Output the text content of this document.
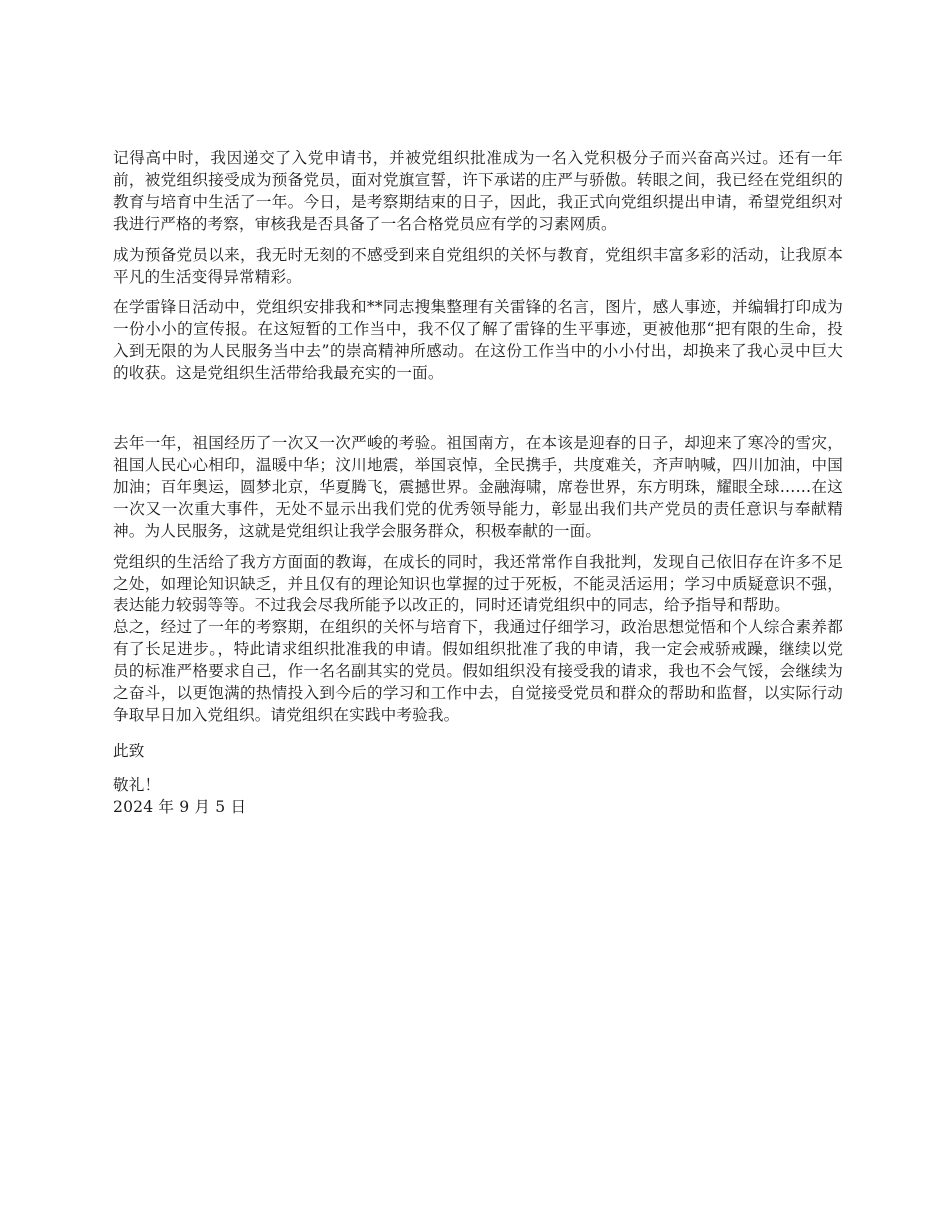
记得高中时，我因递交了入党申请书，并被党组织批准成为一名入党积极分子而兴奋高兴过。还有一年前，被党组织接受成为预备党员，面对党旗宣誓，许下承诺的庄严与骄傲。转眼之间，我已经在党组织的教育与培育中生活了一年。今日，是考察期结束的日子，因此，我正式向党组织提出申请，希望党组织对我进行严格的考察，审核我是否具备了一名合格党员应有学的习素网质。

成为预备党员以来，我无时无刻的不感受到来自党组织的关怀与教育，党组织丰富多彩的活动，让我原本平凡的生活变得异常精彩。

在学雷锋日活动中，党组织安排我和**同志搜集整理有关雷锋的名言，图片，感人事迹，并编辑打印成为一份小小的宣传报。在这短暂的工作当中，我不仅了解了雷锋的生平事迹，更被他那“把有限的生命，投入到无限的为人民服务当中去”的崇高精神所感动。在这份工作当中的小小付出，却换来了我心灵中巨大的收获。这是党组织生活带给我最充实的一面。

去年一年，祖国经历了一次又一次严峻的考验。祖国南方，在本该是迎春的日子，却迎来了寒冷的雪灾，祖国人民心心相印，温暖中华；汶川地震，举国哀悼，全民携手，共度难关，齐声呐喊，四川加油，中国加油；百年奥运，圆梦北京，华夏腾飞，震撼世界。金融海啸，席卷世界，东方明珠，耀眼全球……在这一次又一次重大事件，无处不显示出我们党的优秀领导能力，彰显出我们共产党员的责任意识与奉献精神。为人民服务，这就是党组织让我学会服务群众，积极奉献的一面。

党组织的生活给了我方方面面的教诲，在成长的同时，我还常常作自我批判，发现自己依旧存在许多不足之处，如理论知识缺乏，并且仅有的理论知识也掌握的过于死板，不能灵活运用；学习中质疑意识不强，表达能力较弱等等。不过我会尽我所能予以改正的，同时还请党组织中的同志，给予指导和帮助。

总之，经过了一年的考察期，在组织的关怀与培育下，我通过仔细学习，政治思想觉悟和个人综合素养都有了长足进步。，特此请求组织批准我的申请。假如组织批准了我的申请，我一定会戒骄戒躁，继续以党员的标准严格要求自己，作一名名副其实的党员。假如组织没有接受我的请求，我也不会气馁，会继续为之奋斗，以更饱满的热情投入到今后的学习和工作中去，自觉接受党员和群众的帮助和监督，以实际行动争取早日加入党组织。请党组织在实践中考验我。

此致

敬礼！

2024 年 9 月 5 日
